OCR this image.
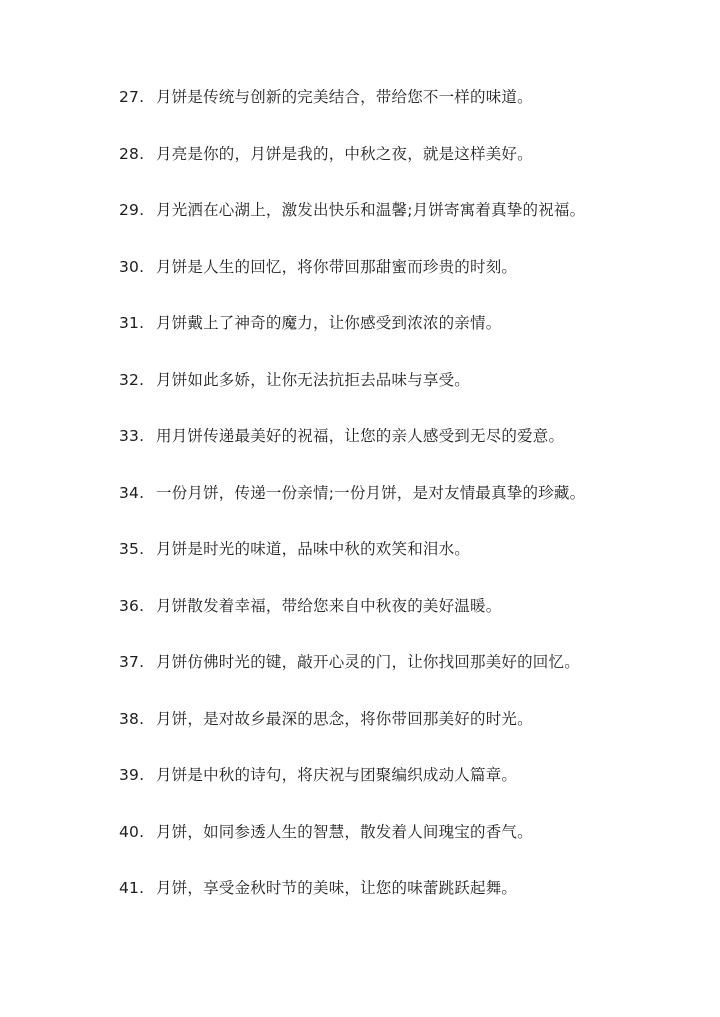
27. 月饼是传统与创新的完美结合，带给您不一样的味道。
28. 月亮是你的，月饼是我的，中秋之夜，就是这样美好。
29. 月光洒在心湖上，激发出快乐和温馨;月饼寄寓着真挚的祝福。
30. 月饼是人生的回忆，将你带回那甜蜜而珍贵的时刻。
31. 月饼戴上了神奇的魔力，让你感受到浓浓的亲情。
32. 月饼如此多娇，让你无法抗拒去品味与享受。
33. 用月饼传递最美好的祝福，让您的亲人感受到无尽的爱意。
34. 一份月饼，传递一份亲情;一份月饼，是对友情最真挚的珍藏。
35. 月饼是时光的味道，品味中秋的欢笑和泪水。
36. 月饼散发着幸福，带给您来自中秋夜的美好温暖。
37. 月饼仿佛时光的键，敲开心灵的门，让你找回那美好的回忆。
38. 月饼，是对故乡最深的思念，将你带回那美好的时光。
39. 月饼是中秋的诗句，将庆祝与团聚编织成动人篇章。
40. 月饼，如同参透人生的智慧，散发着人间瑰宝的香气。
41. 月饼，享受金秋时节的美味，让您的味蕾跳跃起舞。
